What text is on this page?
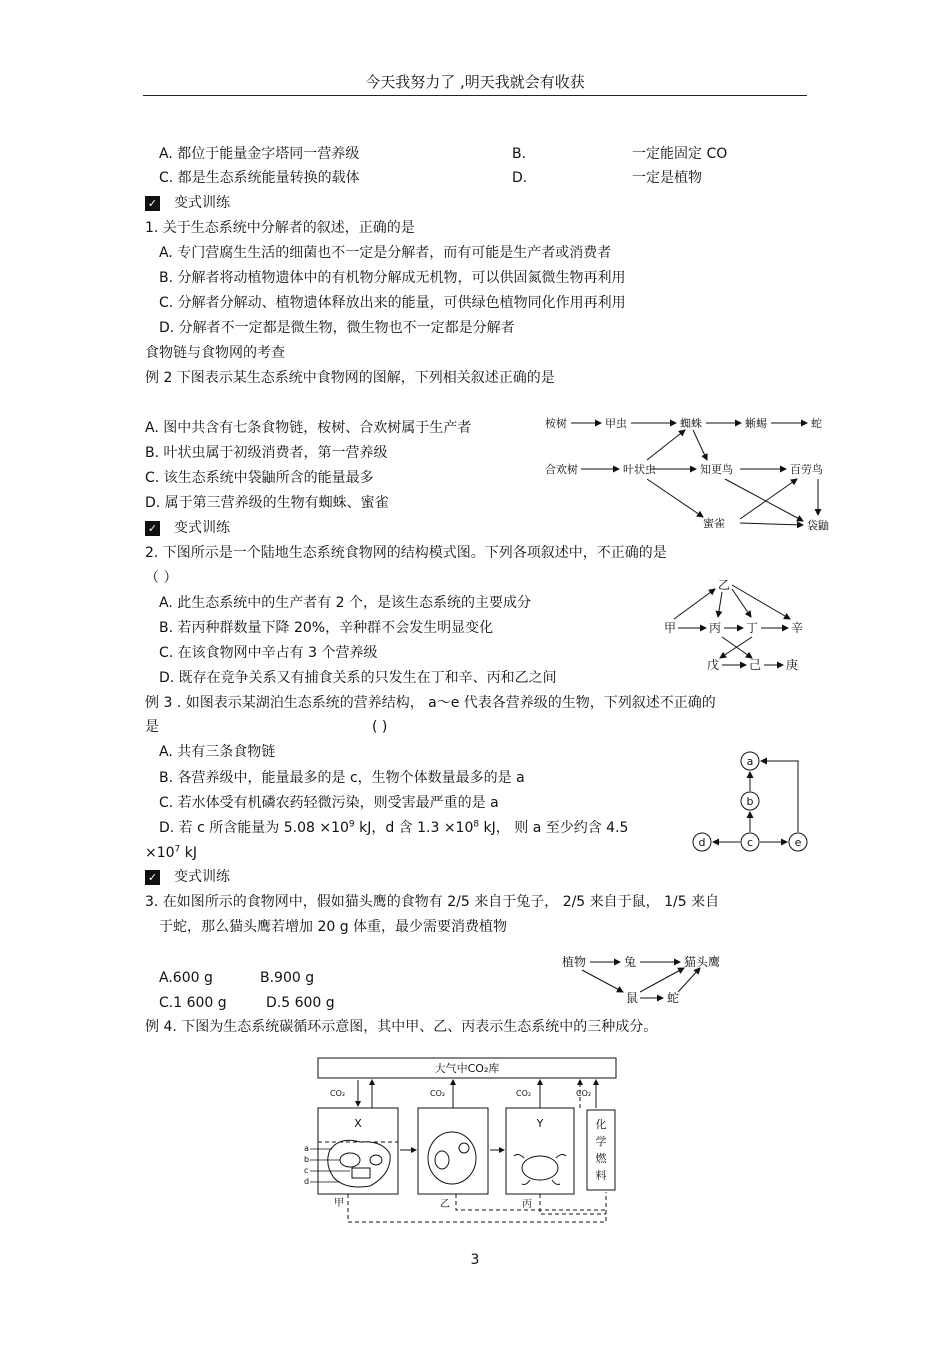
今天我努力了 ,明天我就会有收获
A. 都位于能量金字塔同一营养级	B.	一定能固定 CO
C. 都是生态系统能量转换的载体	D.	一定是植物
✓ 变式训练
1. 关于生态系统中分解者的叙述，正确的是
A. 专门营腐生生活的细菌也不一定是分解者，而有可能是生产者或消费者
B. 分解者将动植物遗体中的有机物分解成无机物，可以供固氮微生物再利用
C. 分解者分解动、植物遗体释放出来的能量，可供绿色植物同化作用再利用
D. 分解者不一定都是微生物，微生物也不一定都是分解者
食物链与食物网的考查
例 2 下图表示某生态系统中食物网的图解，下列相关叙述正确的是
A. 图中共含有七条食物链，桉树、合欢树属于生产者
B. 叶状虫属于初级消费者，第一营养级
C. 该生态系统中袋鼬所含的能量最多
D. 属于第三营养级的生物有蜘蛛、蜜雀
桉树	甲虫	蜘蛛	蜥蜴	蛇
合欢树	叶状虫	知更鸟	百劳鸟
蜜雀	袋鼬
✓ 变式训练
2. 下图所示是一个陆地生态系统食物网的结构模式图。下列各项叙述中，不正确的是
（ ）
A. 此生态系统中的生产者有 2 个，是该生态系统的主要成分
B. 若丙种群数量下降 20%，辛种群不会发生明显变化
C. 在该食物网中辛占有 3 个营养级
D. 既存在竞争关系又有捕食关系的只发生在丁和辛、丙和乙之间
乙
甲	丙 丁	辛
戊 己 庚
例 3 . 如图表示某湖泊生态系统的营养结构， a～e 代表各营养级的生物，下列叙述不正确的
是	( )
A. 共有三条食物链
B. 各营养级中，能量最多的是 c，生物个体数量最多的是 a
C. 若水体受有机磷农药轻微污染，则受害最严重的是 a
D. 若 c 所含能量为 $5.08 \times 10^9$ kJ，d 含 $1.3 \times 10^8$ kJ， 则 a 至少约含 4.5
$\times 10^7$ kJ
a
b
c
d	e
✓ 变式训练
3. 在如图所示的食物网中，假如猫头鹰的食物有 2/5 来自于兔子， 2/5 来自于鼠， 1/5 来自
于蛇，那么猫头鹰若增加 20 g 体重，最少需要消费植物
A.600 g	B.900 g
C.1 600 g	D.5 600 g
植物	兔	猫头鹰
鼠 蛇
例 4. 下图为生态系统碳循环示意图，其中甲、乙、丙表示生态系统中的三种成分。
大气中CO₂库
X	Y	化
学
燃
料
CO₂	CO₂	CO₂	CO₂
a
b
c
d
甲	乙	丙
3
